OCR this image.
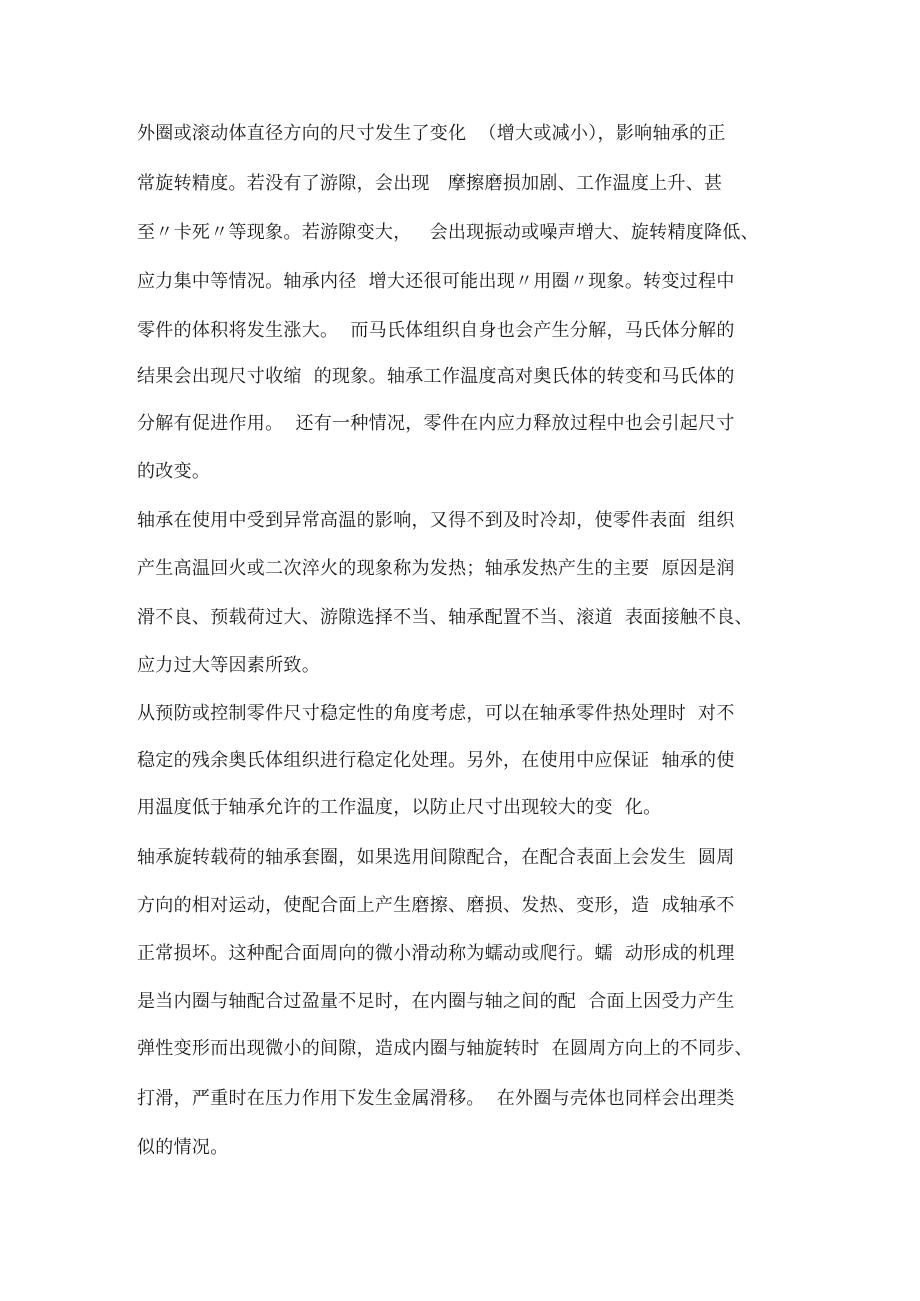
外圈或滚动体直径方向的尺寸发生了变化  （增大或减小），影响轴承的正
常旋转精度。若没有了游隙，会出现   摩擦磨损加剧、工作温度上升、甚
至〃卡死〃等现象。若游隙变大，   会出现振动或噪声增大、旋转精度降低、
应力集中等情况。轴承内径  增大还很可能出现〃用圈〃现象。转变过程中
零件的体积将发生涨大。  而马氏体组织自身也会产生分解，马氏体分解的
结果会出现尺寸收缩  的现象。轴承工作温度高对奥氏体的转变和马氏体的
分解有促进作用。  还有一种情况，零件在内应力释放过程中也会引起尺寸
的改变。
轴承在使用中受到异常高温的影响，又得不到及时冷却，使零件表面  组织
产生高温回火或二次淬火的现象称为发热；轴承发热产生的主要  原因是润
滑不良、预载荷过大、游隙选择不当、轴承配置不当、滚道  表面接触不良、
应力过大等因素所致。
从预防或控制零件尺寸稳定性的角度考虑，可以在轴承零件热处理时  对不
稳定的残余奥氏体组织进行稳定化处理。另外，在使用中应保证  轴承的使
用温度低于轴承允许的工作温度，以防止尺寸出现较大的变  化。
轴承旋转载荷的轴承套圈，如果选用间隙配合，在配合表面上会发生  圆周
方向的相对运动，使配合面上产生磨擦、磨损、发热、变形，造  成轴承不
正常损坏。这种配合面周向的微小滑动称为蠕动或爬行。蠕  动形成的机理
是当内圈与轴配合过盈量不足时，在内圈与轴之间的配  合面上因受力产生
弹性变形而出现微小的间隙，造成内圈与轴旋转时  在圆周方向上的不同步、
打滑，严重时在压力作用下发生金属滑移。  在外圈与壳体也同样会出理类
似的情况。
